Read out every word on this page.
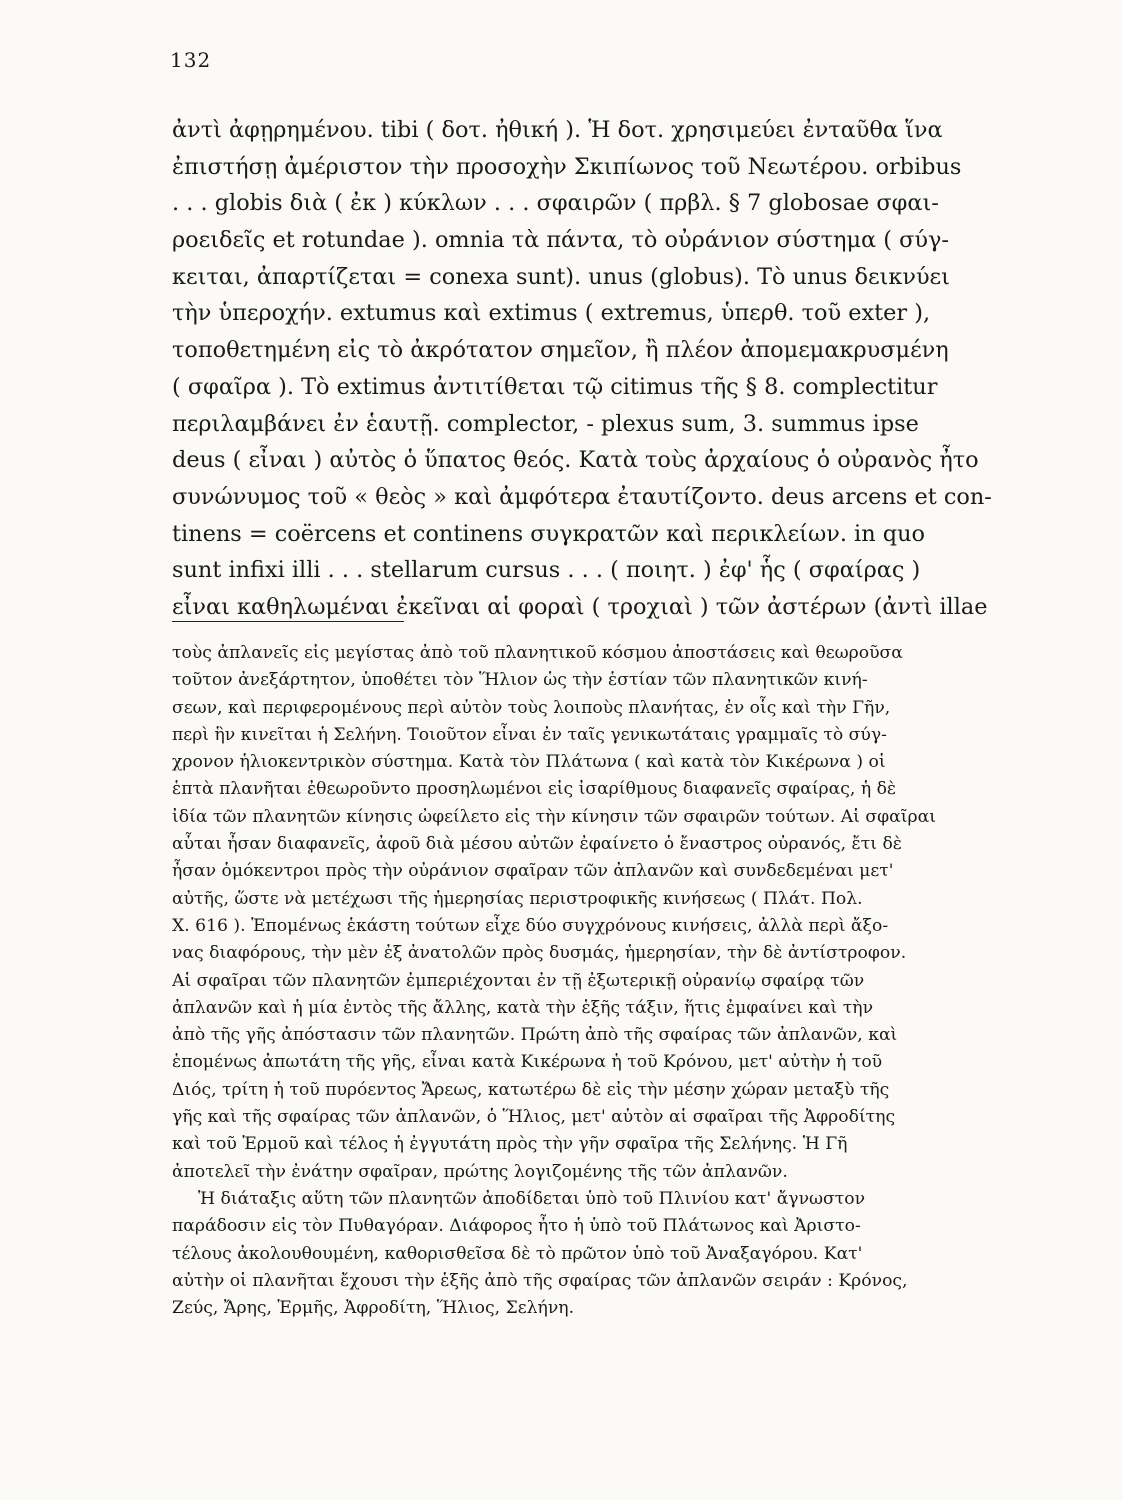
132
ἀντὶ ἀφῃρημένου. tibi ( δοτ. ἠθική ). Ἡ δοτ. χρησιμεύει ἐνταῦθα ἵνα
ἐπιστήσῃ ἀμέριστον τὴν προσοχὴν Σκιπίωνος τοῦ Νεωτέρου. orbibus
. . . globis διὰ ( ἐκ ) κύκλων . . . σφαιρῶν ( πρβλ. § 7 globosae σφαι-
ροειδεῖς et rotundae ). omnia τὰ πάντα, τὸ οὐράνιον σύστημα ( σύγ-
κειται, ἀπαρτίζεται = conexa sunt). unus (globus). Τὸ unus δεικνύει
τὴν ὑπεροχήν. extumus καὶ extimus ( extremus, ὑπερθ. τοῦ exter ),
τοποθετημένη εἰς τὸ ἀκρότατον σημεῖον, ἢ πλέον ἀπομεμακρυσμένη
( σφαῖρα ). Τὸ extimus ἀντιτίθεται τῷ citimus τῆς § 8. complectitur
περιλαμβάνει ἐν ἑαυτῇ. complector, - plexus sum, 3. summus ipse
deus ( εἶναι ) αὐτὸς ὁ ὕπατος θεός. Κατὰ τοὺς ἀρχαίους ὁ οὐρανὸς ἦτο
συνώνυμος τοῦ « θεὸς » καὶ ἀμφότερα ἐταυτίζοντο. deus arcens et con-
tinens = coërcens et continens συγκρατῶν καὶ περικλείων. in quo
sunt infixi illi . . . stellarum cursus . . . ( ποιητ. ) ἐφ' ἧς ( σφαίρας )
εἶναι καθηλωμέναι ἐκεῖναι αἱ φοραὶ ( τροχιαὶ ) τῶν ἀστέρων (ἀντὶ illae
τοὺς ἀπλανεῖς εἰς μεγίστας ἀπὸ τοῦ πλανητικοῦ κόσμου ἀποστάσεις καὶ θεωροῦσα
τοῦτον ἀνεξάρτητον, ὑποθέτει τὸν Ἥλιον ὡς τὴν ἑστίαν τῶν πλανητικῶν κινή-
σεων, καὶ περιφερομένους περὶ αὐτὸν τοὺς λοιποὺς πλανήτας, ἐν οἷς καὶ τὴν Γῆν,
περὶ ἣν κινεῖται ἡ Σελήνη. Τοιοῦτον εἶναι ἐν ταῖς γενικωτάταις γραμμαῖς τὸ σύγ-
χρονον ἡλιοκεντρικὸν σύστημα. Κατὰ τὸν Πλάτωνα ( καὶ κατὰ τὸν Κικέρωνα ) οἱ
ἑπτὰ πλανῆται ἐθεωροῦντο προσηλωμένοι εἰς ἰσαρίθμους διαφανεῖς σφαίρας, ἡ δὲ
ἰδία τῶν πλανητῶν κίνησις ὠφείλετο εἰς τὴν κίνησιν τῶν σφαιρῶν τούτων. Αἱ σφαῖραι
αὗται ἦσαν διαφανεῖς, ἀφοῦ διὰ μέσου αὐτῶν ἐφαίνετο ὁ ἔναστρος οὐρανός, ἔτι δὲ
ἦσαν ὁμόκεντροι πρὸς τὴν οὐράνιον σφαῖραν τῶν ἀπλανῶν καὶ συνδεδεμέναι μετ'
αὐτῆς, ὥστε νὰ μετέχωσι τῆς ἡμερησίας περιστροφικῆς κινήσεως ( Πλάτ. Πολ.
X. 616 ). Ἑπομένως ἑκάστη τούτων εἶχε δύο συγχρόνους κινήσεις, ἀλλὰ περὶ ἄξο-
νας διαφόρους, τὴν μὲν ἐξ ἀνατολῶν πρὸς δυσμάς, ἡμερησίαν, τὴν δὲ ἀντίστροφον.
Αἱ σφαῖραι τῶν πλανητῶν ἐμπεριέχονται ἐν τῇ ἐξωτερικῇ οὐρανίῳ σφαίρᾳ τῶν
ἀπλανῶν καὶ ἡ μία ἐντὸς τῆς ἄλλης, κατὰ τὴν ἑξῆς τάξιν, ἥτις ἐμφαίνει καὶ τὴν
ἀπὸ τῆς γῆς ἀπόστασιν τῶν πλανητῶν. Πρώτη ἀπὸ τῆς σφαίρας τῶν ἀπλανῶν, καὶ
ἑπομένως ἀπωτάτη τῆς γῆς, εἶναι κατὰ Κικέρωνα ἡ τοῦ Κρόνου, μετ' αὐτὴν ἡ τοῦ
Διός, τρίτη ἡ τοῦ πυρόεντος Ἄρεως, κατωτέρω δὲ εἰς τὴν μέσην χώραν μεταξὺ τῆς
γῆς καὶ τῆς σφαίρας τῶν ἀπλανῶν, ὁ Ἥλιος, μετ' αὐτὸν αἱ σφαῖραι τῆς Ἀφροδίτης
καὶ τοῦ Ἑρμοῦ καὶ τέλος ἡ ἐγγυτάτη πρὸς τὴν γῆν σφαῖρα τῆς Σελήνης. Ἡ Γῆ
ἀποτελεῖ τὴν ἐνάτην σφαῖραν, πρώτης λογιζομένης τῆς τῶν ἀπλανῶν.
Ἡ διάταξις αὕτη τῶν πλανητῶν ἀποδίδεται ὑπὸ τοῦ Πλινίου κατ' ἄγνωστον
παράδοσιν εἰς τὸν Πυθαγόραν. Διάφορος ἦτο ἡ ὑπὸ τοῦ Πλάτωνος καὶ Ἀριστο-
τέλους ἀκολουθουμένη, καθορισθεῖσα δὲ τὸ πρῶτον ὑπὸ τοῦ Ἀναξαγόρου. Κατ'
αὐτὴν οἱ πλανῆται ἔχουσι τὴν ἑξῆς ἀπὸ τῆς σφαίρας τῶν ἀπλανῶν σειράν : Κρόνος,
Ζεύς, Ἄρης, Ἑρμῆς, Ἀφροδίτη, Ἥλιος, Σελήνη.
